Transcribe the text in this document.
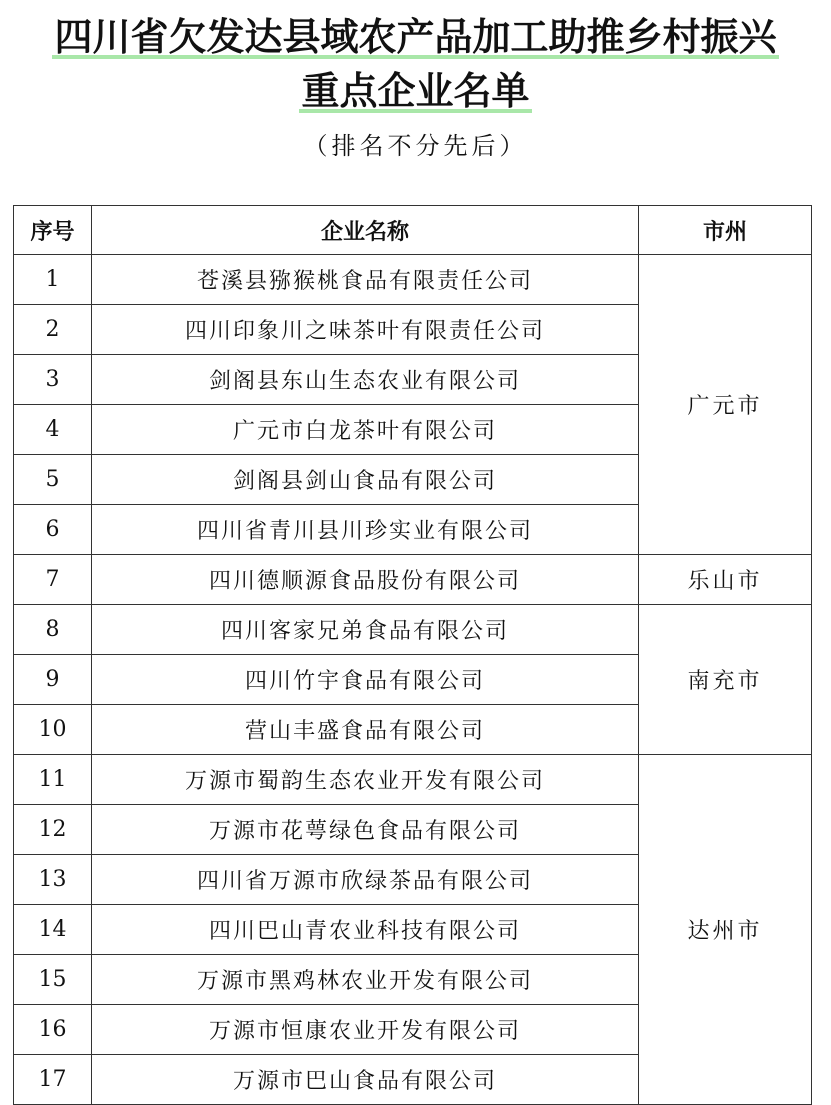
四川省欠发达县域农产品加工助推乡村振兴
重点企业名单
（排名不分先后）
序号	企业名称	市州
1	苍溪县猕猴桃食品有限责任公司	广元市
2	四川印象川之味茶叶有限责任公司	
3	剑阁县东山生态农业有限公司	
4	广元市白龙茶叶有限公司	
5	剑阁县剑山食品有限公司	
6	四川省青川县川珍实业有限公司	
7	四川德顺源食品股份有限公司	乐山市
8	四川客家兄弟食品有限公司	南充市
9	四川竹宇食品有限公司	
10	营山丰盛食品有限公司	
11	万源市蜀韵生态农业开发有限公司	达州市
12	万源市花萼绿色食品有限公司	
13	四川省万源市欣绿茶品有限公司	
14	四川巴山青农业科技有限公司	
15	万源市黑鸡林农业开发有限公司	
16	万源市恒康农业开发有限公司	
17	万源市巴山食品有限公司	
